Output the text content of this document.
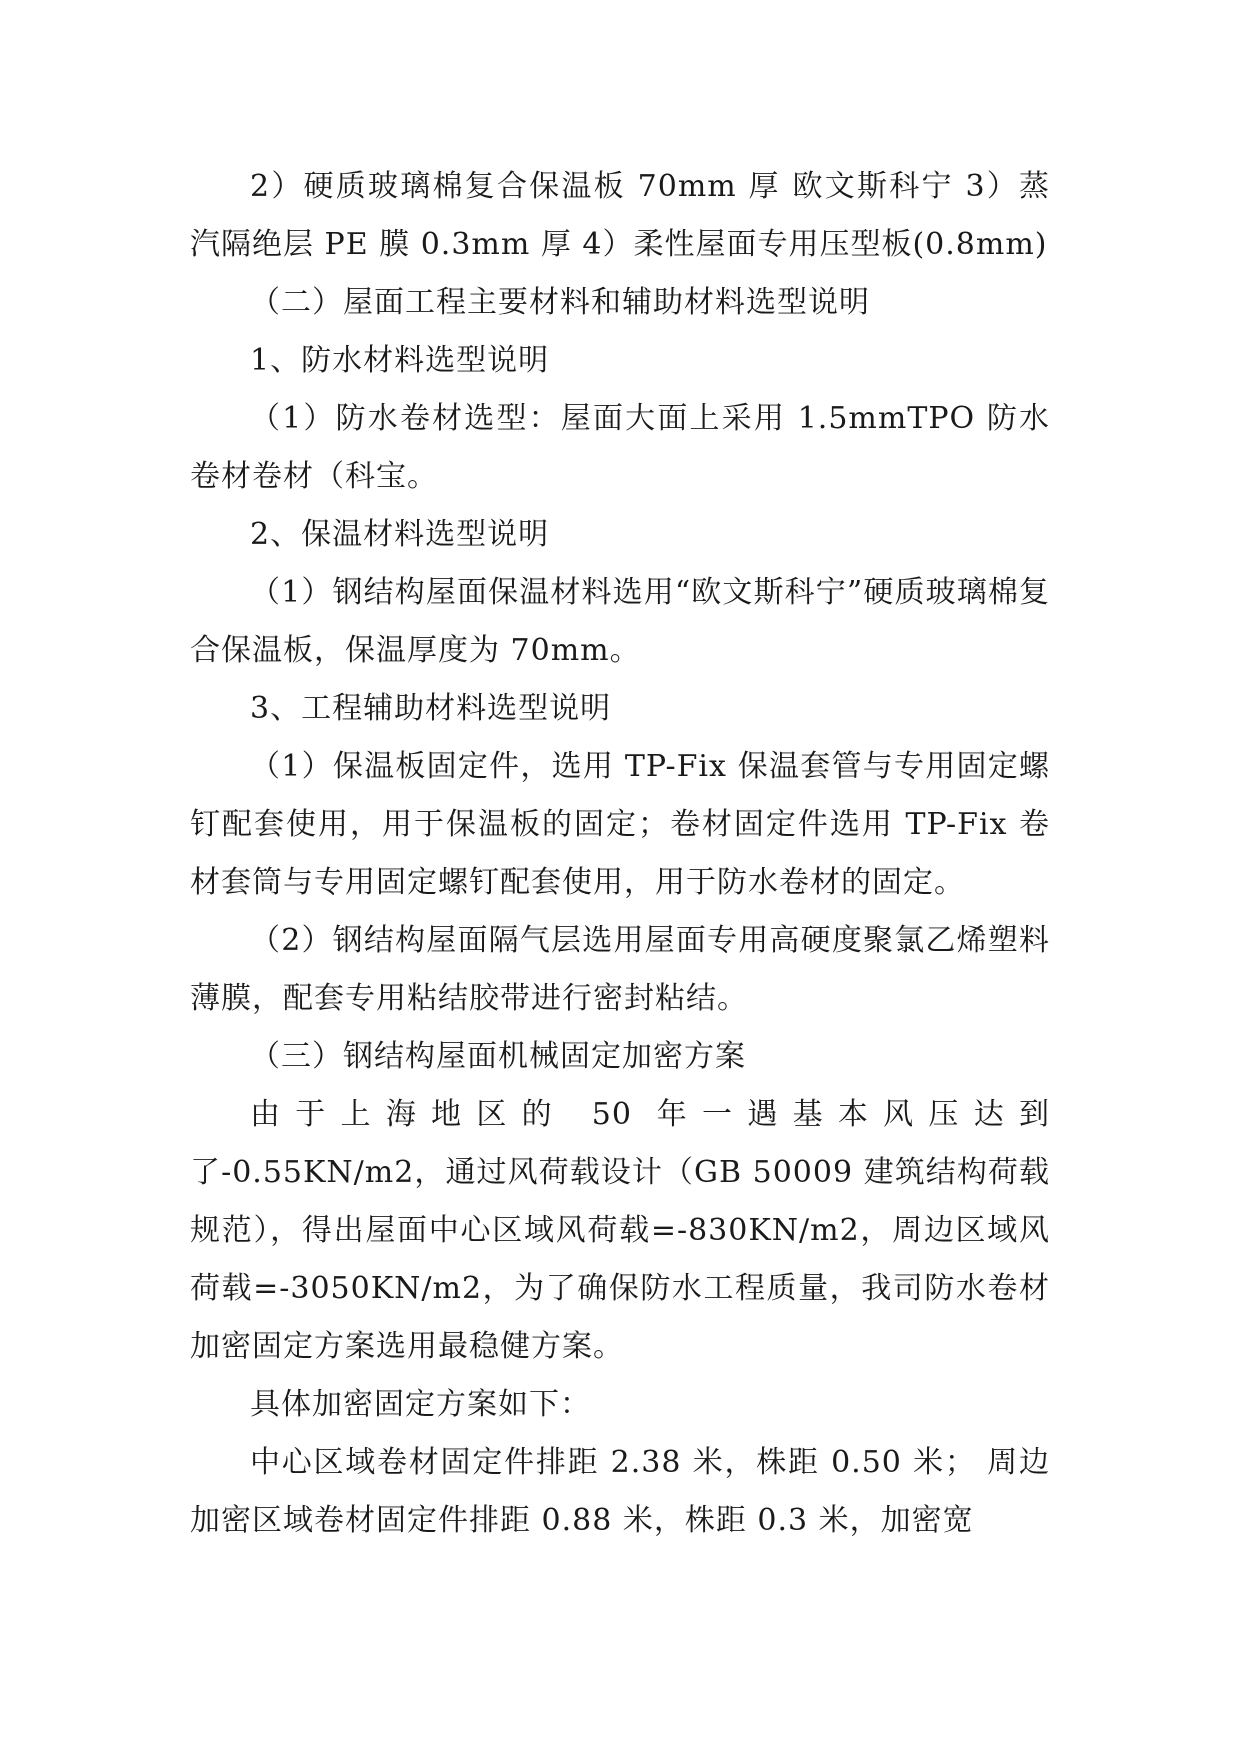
2）硬质玻璃棉复合保温板 70mm 厚 欧文斯科宁 3）蒸汽隔绝层 PE 膜 0.3mm 厚 4）柔性屋面专用压型板(0.8mm)

（二）屋面工程主要材料和辅助材料选型说明

1、防水材料选型说明

（1）防水卷材选型：屋面大面上采用 1.5mmTPO 防水卷材卷材（科宝。

2、保温材料选型说明

（1）钢结构屋面保温材料选用“欧文斯科宁”硬质玻璃棉复合保温板，保温厚度为 70mm。

3、工程辅助材料选型说明

（1）保温板固定件，选用 TP-Fix 保温套管与专用固定螺钉配套使用，用于保温板的固定；卷材固定件选用 TP-Fix 卷材套筒与专用固定螺钉配套使用，用于防水卷材的固定。

（2）钢结构屋面隔气层选用屋面专用高硬度聚氯乙烯塑料薄膜，配套专用粘结胶带进行密封粘结。

（三）钢结构屋面机械固定加密方案

由于上海地区的 50 年一遇基本风压达到了-0.55KN/m2，通过风荷载设计（GB 50009 建筑结构荷载规范），得出屋面中心区域风荷载=-830KN/m2，周边区域风荷载=-3050KN/m2，为了确保防水工程质量，我司防水卷材加密固定方案选用最稳健方案。

具体加密固定方案如下：

中心区域卷材固定件排距 2.38 米，株距 0.50 米； 周边加密区域卷材固定件排距 0.88 米，株距 0.3 米，加密宽
